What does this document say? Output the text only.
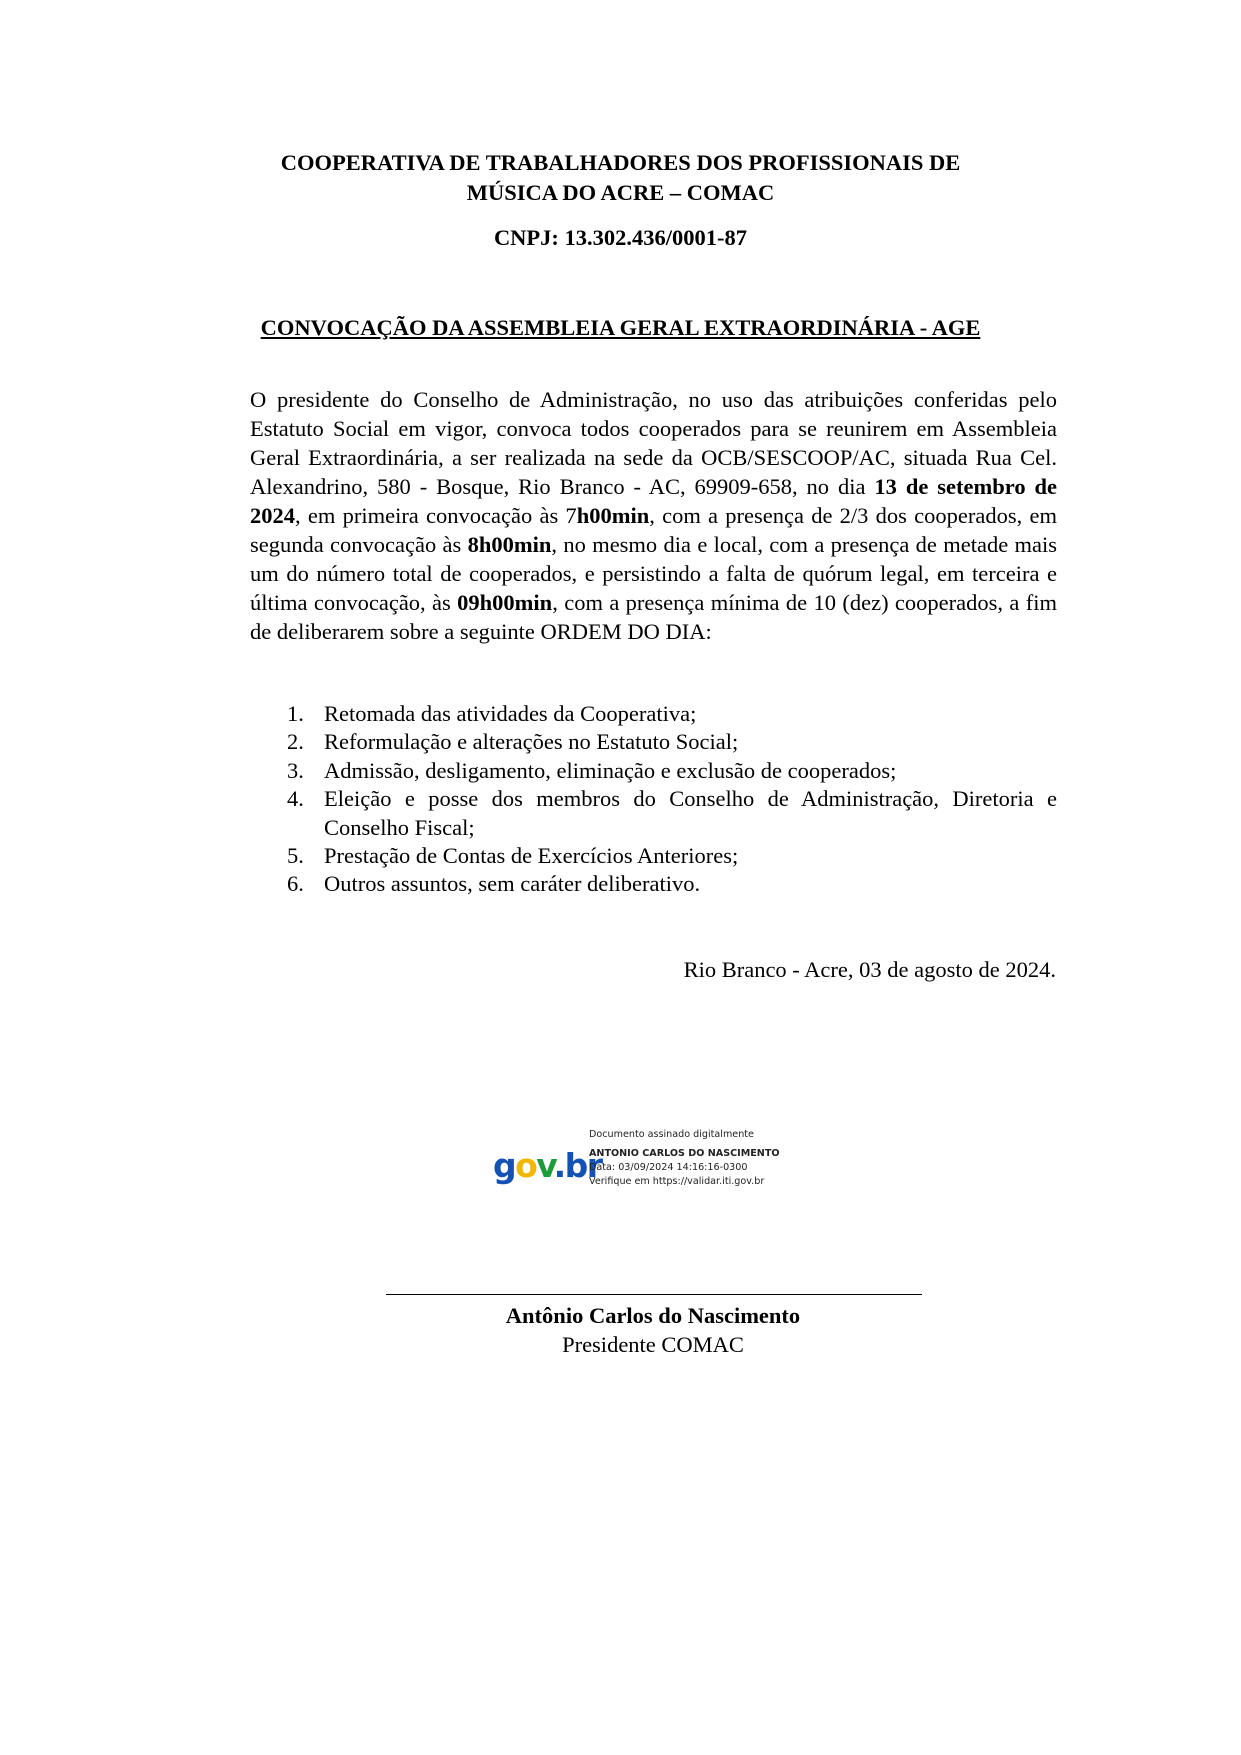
COOPERATIVA DE TRABALHADORES DOS PROFISSIONAIS DE

MÚSICA DO ACRE – COMAC

CNPJ: 13.302.436/0001-87

CONVOCAÇÃO DA ASSEMBLEIA GERAL EXTRAORDINÁRIA - AGE

O presidente do Conselho de Administração, no uso das atribuições conferidas pelo Estatuto Social em vigor, convoca todos cooperados para se reunirem em Assembleia Geral Extraordinária, a ser realizada na sede da OCB/SESCOOP/AC, situada Rua Cel. Alexandrino, 580 - Bosque, Rio Branco - AC, 69909-658, no dia 13 de setembro de 2024, em primeira convocação às 7h00min, com a presença de 2/3 dos cooperados, em segunda convocação às 8h00min, no mesmo dia e local, com a presença de metade mais um do número total de cooperados, e persistindo a falta de quórum legal, em terceira e última convocação, às 09h00min, com a presença mínima de 10 (dez) cooperados, a fim de deliberarem sobre a seguinte ORDEM DO DIA:

1. Retomada das atividades da Cooperativa;
2. Reformulação e alterações no Estatuto Social;
3. Admissão, desligamento, eliminação e exclusão de cooperados;
4. Eleição e posse dos membros do Conselho de Administração, Diretoria e Conselho Fiscal;
5. Prestação de Contas de Exercícios Anteriores;
6. Outros assuntos, sem caráter deliberativo.

Rio Branco - Acre, 03 de agosto de 2024.

gov.br
Documento assinado digitalmente
ANTONIO CARLOS DO NASCIMENTO
Data: 03/09/2024 14:16:16-0300
Verifique em https://validar.iti.gov.br

Antônio Carlos do Nascimento

Presidente COMAC
